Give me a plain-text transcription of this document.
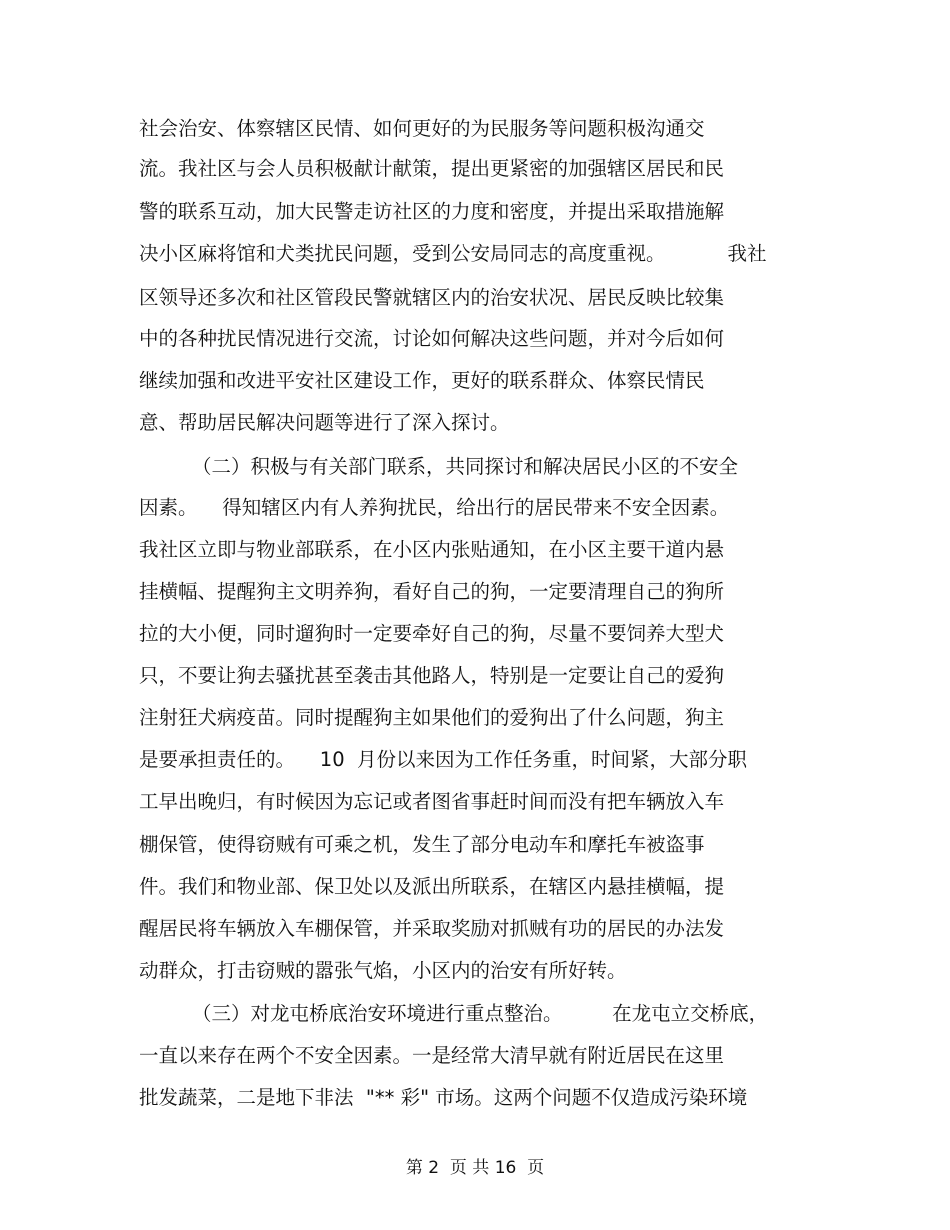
社会治安、体察辖区民情、如何更好的为民服务等问题积极沟通交
流。我社区与会人员积极献计献策，提出更紧密的加强辖区居民和民
警的联系互动，加大民警走访社区的力度和密度，并提出采取措施解
决小区麻将馆和犬类扰民问题，受到公安局同志的高度重视。          我社
区领导还多次和社区管段民警就辖区内的治安状况、居民反映比较集
中的各种扰民情况进行交流，讨论如何解决这些问题，并对今后如何
继续加强和改进平安社区建设工作，更好的联系群众、体察民情民
意、帮助居民解决问题等进行了深入探讨。
（二）积极与有关部门联系，共同探讨和解决居民小区的不安全
因素。    得知辖区内有人养狗扰民，给出行的居民带来不安全因素。
我社区立即与物业部联系，在小区内张贴通知，在小区主要干道内悬
挂横幅、提醒狗主文明养狗，看好自己的狗，一定要清理自己的狗所
拉的大小便，同时遛狗时一定要牵好自己的狗，尽量不要饲养大型犬
只，不要让狗去骚扰甚至袭击其他路人，特别是一定要让自己的爱狗
注射狂犬病疫苗。同时提醒狗主如果他们的爱狗出了什么问题，狗主
是要承担责任的。    10  月份以来因为工作任务重，时间紧，大部分职
工早出晚归，有时候因为忘记或者图省事赶时间而没有把车辆放入车
棚保管，使得窃贼有可乘之机，发生了部分电动车和摩托车被盗事
件。我们和物业部、保卫处以及派出所联系，在辖区内悬挂横幅，提
醒居民将车辆放入车棚保管，并采取奖励对抓贼有功的居民的办法发
动群众，打击窃贼的嚣张气焰，小区内的治安有所好转。
（三）对龙屯桥底治安环境进行重点整治。        在龙屯立交桥底，
一直以来存在两个不安全因素。一是经常大清早就有附近居民在这里
批发蔬菜，二是地下非法  "** 彩" 市场。这两个问题不仅造成污染环境
第 2  页 共 16  页
